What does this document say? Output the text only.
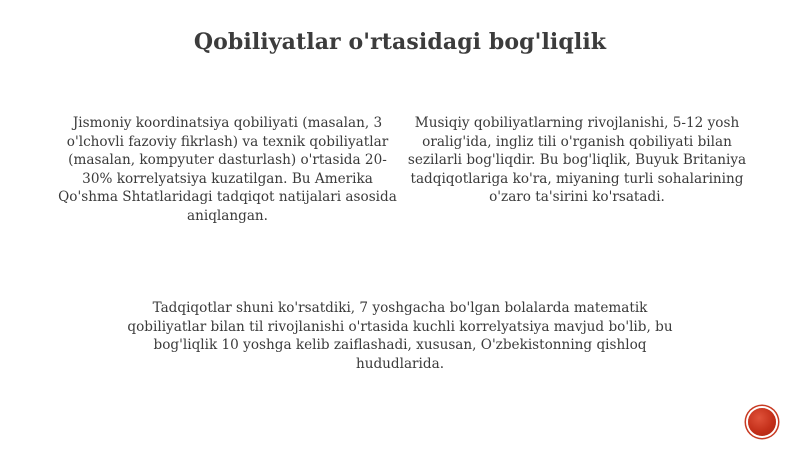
Qobiliyatlar o'rtasidagi bog'liqlik
Jismoniy koordinatsiya qobiliyati (masalan, 3 o'lchovli fazoviy fikrlash) va texnik qobiliyatlar (masalan, kompyuter dasturlash) o'rtasida 20-30% korrelyatsiya kuzatilgan. Bu Amerika Qo'shma Shtatlaridagi tadqiqot natijalari asosida aniqlangan.
Musiqiy qobiliyatlarning rivojlanishi, 5-12 yosh oralig'ida, ingliz tili o'rganish qobiliyati bilan sezilarli bog'liqdir. Bu bog'liqlik, Buyuk Britaniya tadqiqotlariga ko'ra, miyaning turli sohalarining o'zaro ta'sirini ko'rsatadi.
Tadqiqotlar shuni ko'rsatdiki, 7 yoshgacha bo'lgan bolalarda matematik qobiliyatlar bilan til rivojlanishi o'rtasida kuchli korrelyatsiya mavjud bo'lib, bu bog'liqlik 10 yoshga kelib zaiflashadi, xususan, O'zbekistonning qishloq hududlarida.
